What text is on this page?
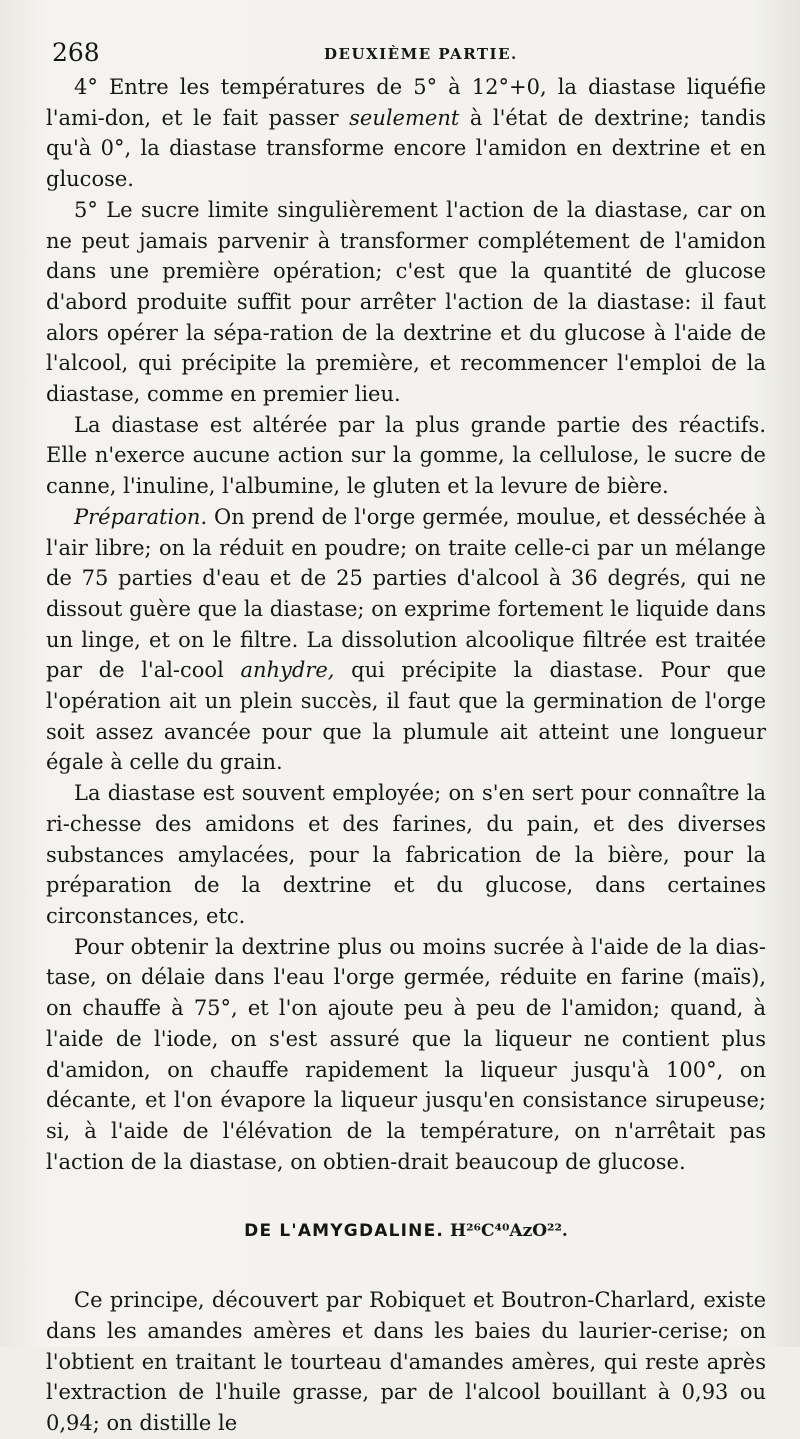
268	DEUXIÈME PARTIE.

4° Entre les températures de 5° à 12°+0, la diastase liquéfie l'ami-don, et le fait passer seulement à l'état de dextrine; tandis qu'à 0°, la diastase transforme encore l'amidon en dextrine et en glucose.

5° Le sucre limite singulièrement l'action de la diastase, car on ne peut jamais parvenir à transformer complétement de l'amidon dans une première opération; c'est que la quantité de glucose d'abord produite suffit pour arrêter l'action de la diastase: il faut alors opérer la sépa-ration de la dextrine et du glucose à l'aide de l'alcool, qui précipite la première, et recommencer l'emploi de la diastase, comme en premier lieu.

La diastase est altérée par la plus grande partie des réactifs. Elle n'exerce aucune action sur la gomme, la cellulose, le sucre de canne, l'inuline, l'albumine, le gluten et la levure de bière.

Préparation. On prend de l'orge germée, moulue, et desséchée à l'air libre; on la réduit en poudre; on traite celle-ci par un mélange de 75 parties d'eau et de 25 parties d'alcool à 36 degrés, qui ne dissout guère que la diastase; on exprime fortement le liquide dans un linge, et on le filtre. La dissolution alcoolique filtrée est traitée par de l'al-cool anhydre, qui précipite la diastase. Pour que l'opération ait un plein succès, il faut que la germination de l'orge soit assez avancée pour que la plumule ait atteint une longueur égale à celle du grain.

La diastase est souvent employée; on s'en sert pour connaître la ri-chesse des amidons et des farines, du pain, et des diverses substances amylacées, pour la fabrication de la bière, pour la préparation de la dextrine et du glucose, dans certaines circonstances, etc.

Pour obtenir la dextrine plus ou moins sucrée à l'aide de la dias-tase, on délaie dans l'eau l'orge germée, réduite en farine (maïs), on chauffe à 75°, et l'on ajoute peu à peu de l'amidon; quand, à l'aide de l'iode, on s'est assuré que la liqueur ne contient plus d'amidon, on chauffe rapidement la liqueur jusqu'à 100°, on décante, et l'on évapore la liqueur jusqu'en consistance sirupeuse; si, à l'aide de l'élévation de la température, on n'arrêtait pas l'action de la diastase, on obtien-drait beaucoup de glucose.

DE L'AMYGDALINE. H²⁶C⁴⁰AzO²².

Ce principe, découvert par Robiquet et Boutron-Charlard, existe dans les amandes amères et dans les baies du laurier-cerise; on l'obtient en traitant le tourteau d'amandes amères, qui reste après l'extraction de l'huile grasse, par de l'alcool bouillant à 0,93 ou 0,94; on distille le
